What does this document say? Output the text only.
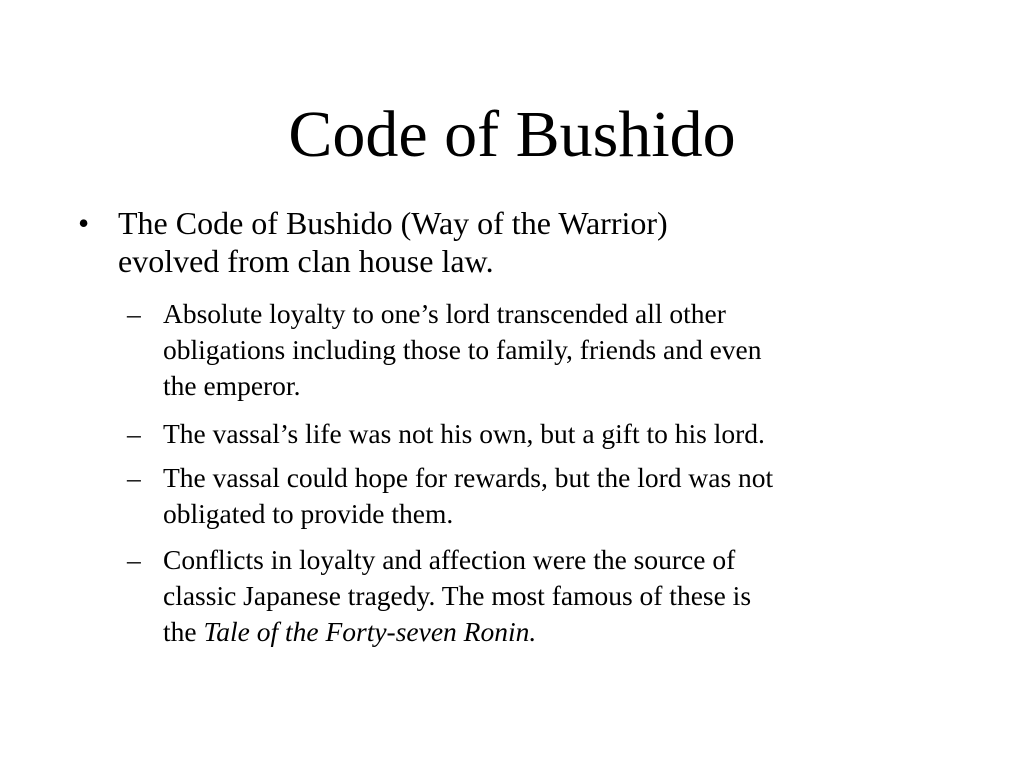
Code of Bushido
• The Code of Bushido (Way of the Warrior)
evolved from clan house law.
– Absolute loyalty to one’s lord transcended all other
obligations including those to family, friends and even
the emperor.
– The vassal’s life was not his own, but a gift to his lord.
– The vassal could hope for rewards, but the lord was not
obligated to provide them.
– Conflicts in loyalty and affection were the source of
classic Japanese tragedy. The most famous of these is
the Tale of the Forty-seven Ronin.
